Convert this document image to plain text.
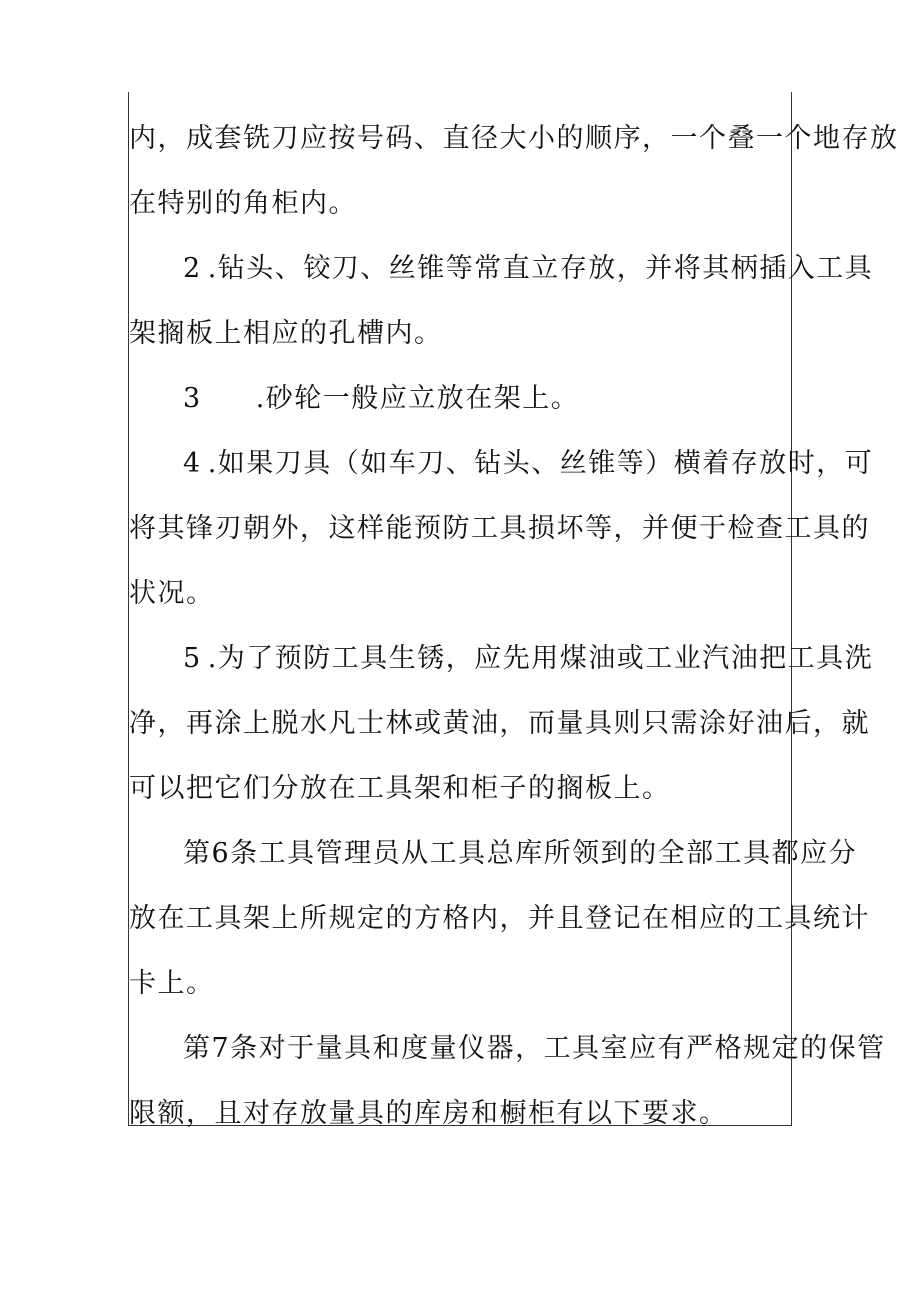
内，成套铣刀应按号码、直径大小的顺序，一个叠一个地存放
在特别的角柜内。
2 .钻头、铰刀、丝锥等常直立存放，并将其柄插入工具
架搁板上相应的孔槽内。
3 .砂轮一般应立放在架上。
4 .如果刀具（如车刀、钻头、丝锥等）横着存放时，可
将其锋刃朝外，这样能预防工具损坏等，并便于检查工具的
状况。
5 .为了预防工具生锈，应先用煤油或工业汽油把工具洗
净，再涂上脱水凡士林或黄油，而量具则只需涂好油后，就
可以把它们分放在工具架和柜子的搁板上。
第6条工具管理员从工具总库所领到的全部工具都应分
放在工具架上所规定的方格内，并且登记在相应的工具统计
卡上。
第7条对于量具和度量仪器，工具室应有严格规定的保管
限额，且对存放量具的库房和橱柜有以下要求。
